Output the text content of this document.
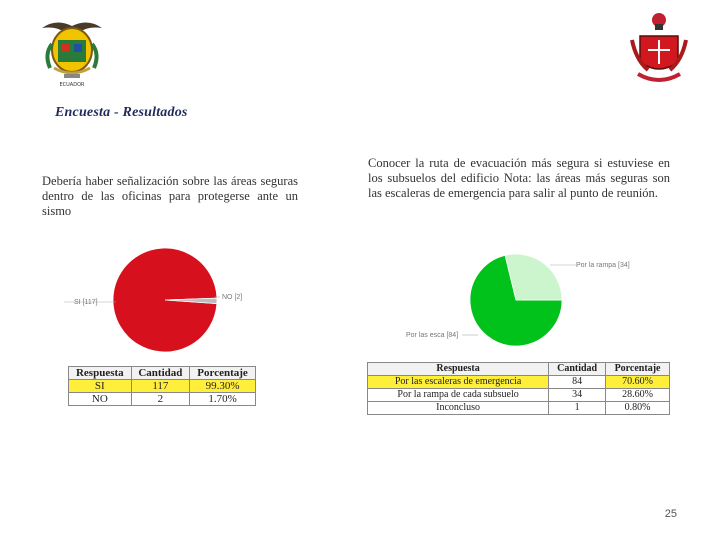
ECUADOR
Encuesta - Resultados
Debería haber señalización sobre las áreas seguras dentro de las oficinas para protegerse ante un sismo
SI [117]
NO [2]
Respuesta	Cantidad	Porcentaje
SI	117	99.30%
NO	2	1.70%
Conocer la ruta de evacuación más segura si estuviese en los subsuelos del edificio Nota: las áreas más seguras son las escaleras de emergencia para salir al punto de reunión.
Por la rampa [34]
Por las esca [84]
Respuesta	Cantidad	Porcentaje
Por las escaleras de emergencia	84	70.60%
Por la rampa de cada subsuelo	34	28.60%
Inconcluso	1	0.80%
25
